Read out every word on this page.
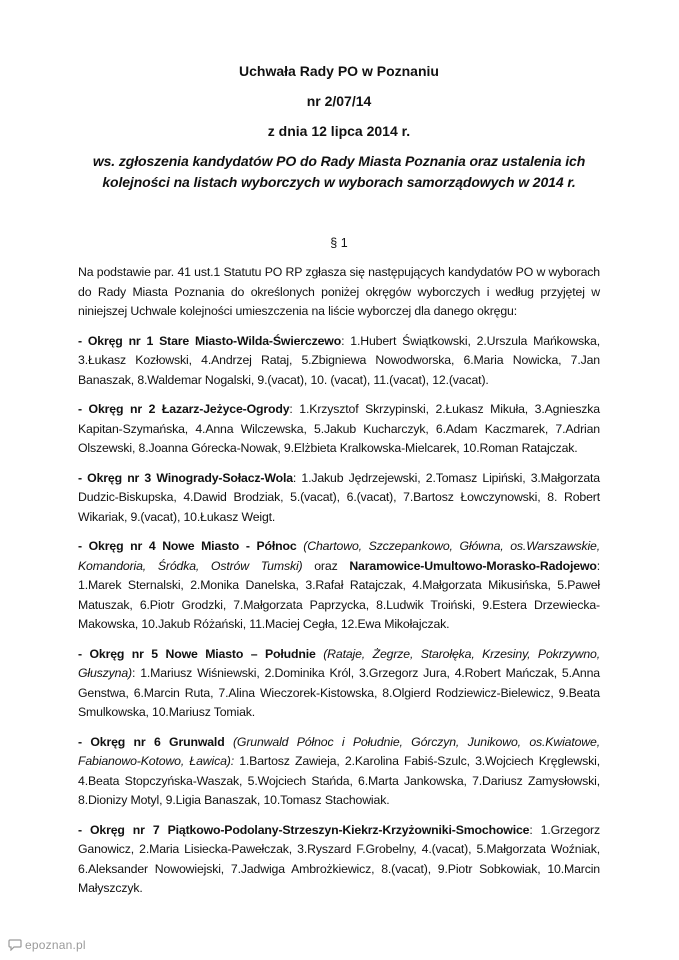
Uchwała Rady PO w Poznaniu

nr 2/07/14

z dnia 12 lipca 2014 r.

ws. zgłoszenia kandydatów PO do Rady Miasta Poznania oraz ustalenia ich kolejności na listach wyborczych w wyborach samorządowych w 2014 r.
§ 1

Na podstawie par. 41 ust.1 Statutu PO RP zgłasza się następujących kandydatów PO w wyborach do Rady Miasta Poznania do określonych poniżej okręgów wyborczych i według przyjętej w niniejszej Uchwale kolejności umieszczenia na liście wyborczej dla danego okręgu:

- Okręg nr 1 Stare Miasto-Wilda-Świerczewo: 1.Hubert Świątkowski, 2.Urszula Mańkowska, 3.Łukasz Kozłowski, 4.Andrzej Rataj, 5.Zbigniewa Nowodworska, 6.Maria Nowicka, 7.Jan Banaszak, 8.Waldemar Nogalski, 9.(vacat), 10. (vacat), 11.(vacat), 12.(vacat).

- Okręg nr 2 Łazarz-Jeżyce-Ogrody: 1.Krzysztof Skrzypinski, 2.Łukasz Mikuła, 3.Agnieszka Kapitan-Szymańska, 4.Anna Wilczewska, 5.Jakub Kucharczyk, 6.Adam Kaczmarek, 7.Adrian Olszewski, 8.Joanna Górecka-Nowak, 9.Elżbieta Kralkowska-Mielcarek, 10.Roman Ratajczak.

- Okręg nr 3 Winogrady-Sołacz-Wola: 1.Jakub Jędrzejewski, 2.Tomasz Lipiński, 3.Małgorzata Dudzic-Biskupska, 4.Dawid Brodziak, 5.(vacat), 6.(vacat), 7.Bartosz Łowczynowski, 8. Robert Wikariak, 9.(vacat), 10.Łukasz Weigt.

- Okręg nr 4 Nowe Miasto - Północ (Chartowo, Szczepankowo, Główna, os.Warszawskie, Komandoria, Śródka, Ostrów Tumski) oraz Naramowice-Umultowo-Morasko-Radojewo: 1.Marek Sternalski, 2.Monika Danelska, 3.Rafał Ratajczak, 4.Małgorzata Mikusińska, 5.Paweł Matuszak, 6.Piotr Grodzki, 7.Małgorzata Paprzycka, 8.Ludwik Troiński, 9.Estera Drzewiecka-Makowska, 10.Jakub Różański, 11.Maciej Cegła, 12.Ewa Mikołajczak.

- Okręg nr 5 Nowe Miasto – Południe (Rataje, Żegrze, Starołęka, Krzesiny, Pokrzywno, Głuszyna): 1.Mariusz Wiśniewski, 2.Dominika Król, 3.Grzegorz Jura, 4.Robert Mańczak, 5.Anna Genstwa, 6.Marcin Ruta, 7.Alina Wieczorek-Kistowska, 8.Olgierd Rodziewicz-Bielewicz, 9.Beata Smulkowska, 10.Mariusz Tomiak.

- Okręg nr 6 Grunwald (Grunwald Północ i Południe, Górczyn, Junikowo, os.Kwiatowe, Fabianowo-Kotowo, Ławica): 1.Bartosz Zawieja, 2.Karolina Fabiś-Szulc, 3.Wojciech Kręglewski, 4.Beata Stopczyńska-Waszak, 5.Wojciech Stańda, 6.Marta Jankowska, 7.Dariusz Zamysłowski, 8.Dionizy Motyl, 9.Ligia Banaszak, 10.Tomasz Stachowiak.

- Okręg nr 7 Piątkowo-Podolany-Strzeszyn-Kiekrz-Krzyżowniki-Smochowice: 1.Grzegorz Ganowicz, 2.Maria Lisiecka-Pawełczak, 3.Ryszard F.Grobelny, 4.(vacat), 5.Małgorzata Woźniak, 6.Aleksander Nowowiejski, 7.Jadwiga Ambrożkiewicz, 8.(vacat), 9.Piotr Sobkowiak, 10.Marcin Małyszczyk.

epoznan.pl
